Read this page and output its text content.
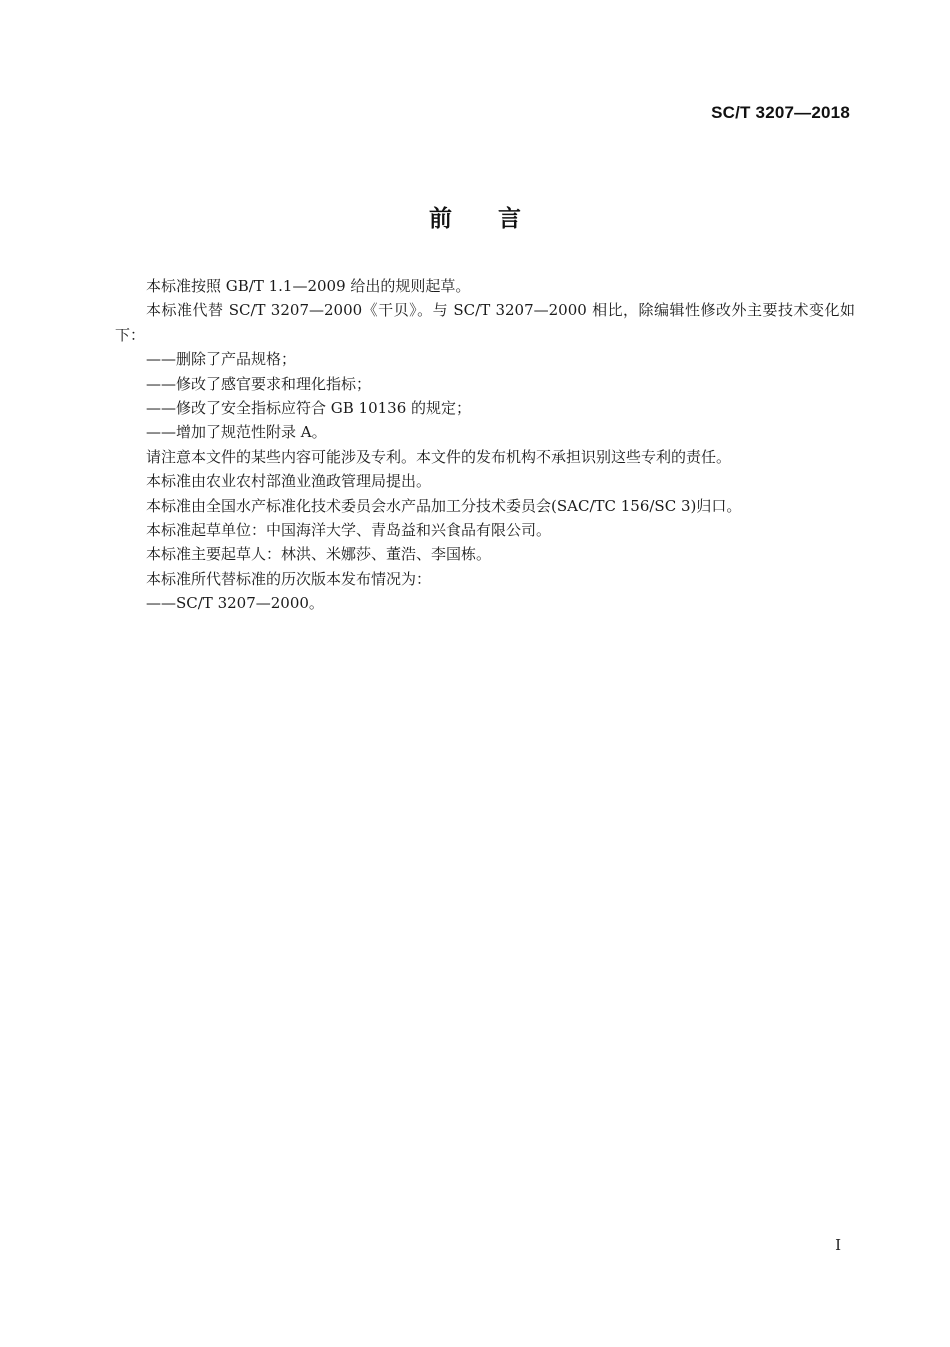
SC/T 3207—2018
前言

本标准按照 GB/T 1.1—2009 给出的规则起草。

本标准代替 SC/T 3207—2000《干贝》。与 SC/T 3207—2000 相比，除编辑性修改外主要技术变化如下：

——删除了产品规格；

——修改了感官要求和理化指标；

——修改了安全指标应符合 GB 10136 的规定；

——增加了规范性附录 A。

请注意本文件的某些内容可能涉及专利。本文件的发布机构不承担识别这些专利的责任。

本标准由农业农村部渔业渔政管理局提出。

本标准由全国水产标准化技术委员会水产品加工分技术委员会(SAC/TC 156/SC 3)归口。

本标准起草单位：中国海洋大学、青岛益和兴食品有限公司。

本标准主要起草人：林洪、米娜莎、董浩、李国栋。

本标准所代替标准的历次版本发布情况为：

——SC/T 3207—2000。

I
